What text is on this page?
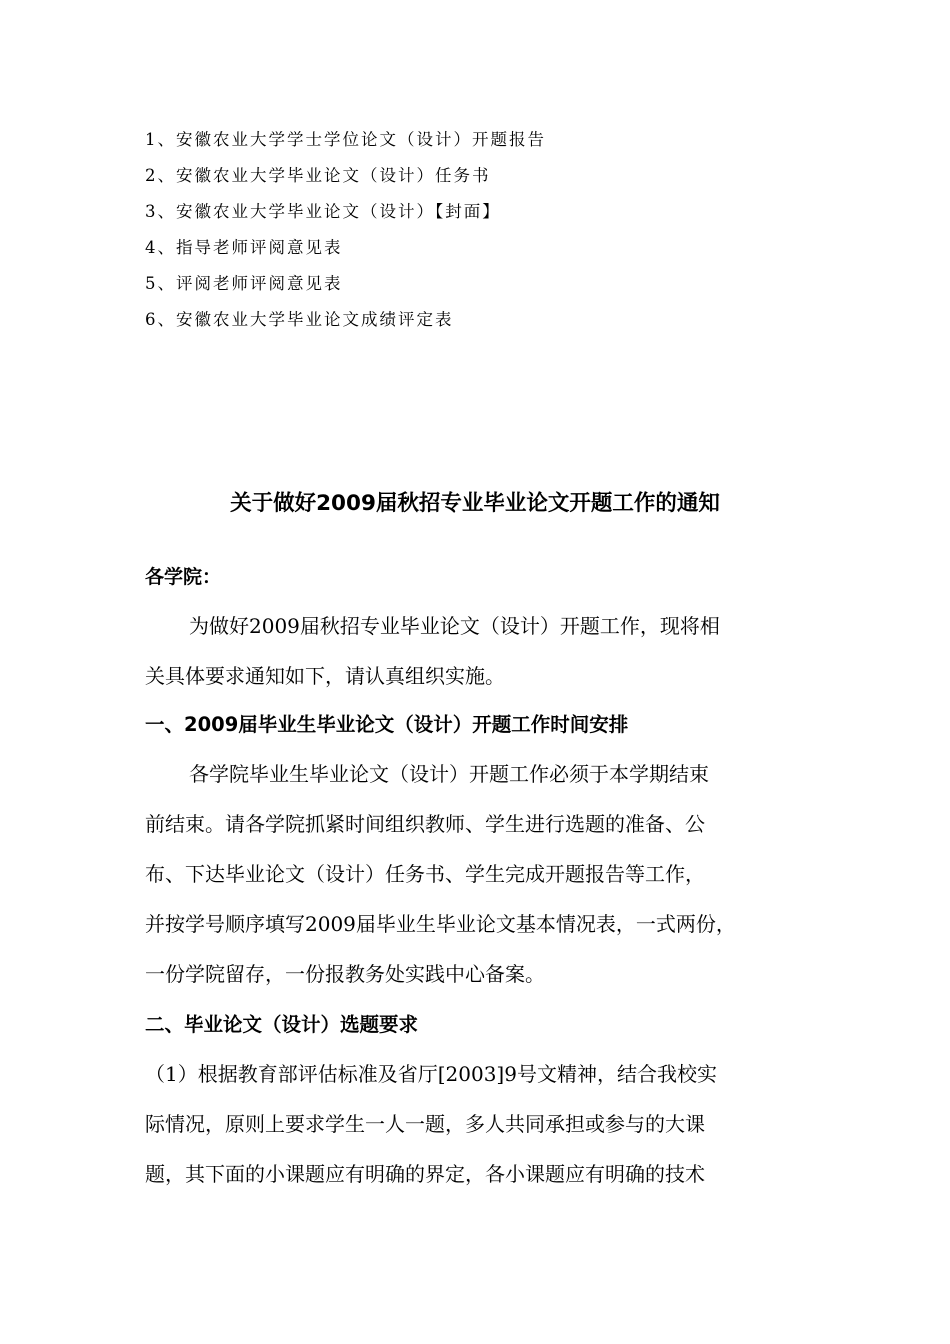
1、安徽农业大学学士学位论文（设计）开题报告
2、安徽农业大学毕业论文（设计）任务书
3、安徽农业大学毕业论文（设计）【封面】
4、指导老师评阅意见表
5、评阅老师评阅意见表
6、安徽农业大学毕业论文成绩评定表
关于做好2009届秋招专业毕业论文开题工作的通知
各学院：
为做好2009届秋招专业毕业论文（设计）开题工作，现将相
关具体要求通知如下，请认真组织实施。
一、2009届毕业生毕业论文（设计）开题工作时间安排
各学院毕业生毕业论文（设计）开题工作必须于本学期结束
前结束。请各学院抓紧时间组织教师、学生进行选题的准备、公
布、下达毕业论文（设计）任务书、学生完成开题报告等工作，
并按学号顺序填写2009届毕业生毕业论文基本情况表，一式两份，
一份学院留存，一份报教务处实践中心备案。
二、毕业论文（设计）选题要求
（1）根据教育部评估标准及省厅[2003]9号文精神，结合我校实
际情况，原则上要求学生一人一题，多人共同承担或参与的大课
题，其下面的小课题应有明确的界定，各小课题应有明确的技术
